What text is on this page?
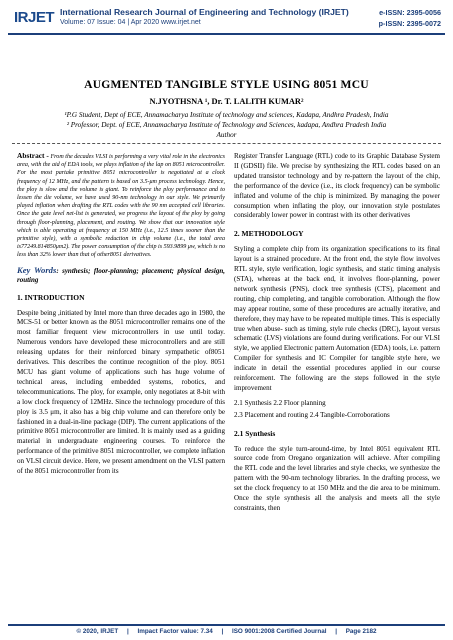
IRJET International Research Journal of Engineering and Technology (IRJET)
Volume: 07 Issue: 04 | Apr 2020 www.irjet.net
e-ISSN: 2395-0056
p-ISSN: 2395-0072
AUGMENTED TANGIBLE STYLE USING 8051 MCU
N.JYOTHSNA ¹, Dr. T. LALITH KUMAR²
¹P.G Student, Dept of ECE, Annamacharya Institute of technology and sciences, Kadapa, Andhra Pradesh, India
² Professor, Dept. of ECE, Annamacharya Institute of Technology and Sciences, kadapa, Andhra Pradesh India
Author
Abstract - From the decades VLSI is performing a very vital role in the electronics area, with the aid of EDA tools, we plays inflation of the lap on 8051 microcontroller. For the most partake primitive 8051 microcontroller is negotiated at a clock frequency of 12 MHz, and the pattern is based on 3.5-μm process technology. Hence, the ploy is slow and the volume is giant. To reinforce the ploy performance and to lessen the die volume, we have used 90-nm technology in our style. We primarily played inflation when drafting the RTL codes with the 90 nm accepted cell libraries. Once the gate level net-list is generated, we progress the layout of the ploy by going through floor-planning, placement, and routing. We show that our innovation style which is able operating at frequency at 150 MHz (i.e., 12.5 times sooner than the primitive style), with a symbolic reduction in chip volume (i.e., the total area is77249.814850μm2). The power consumption of the chip is 593.9899 μw, which is no less than 32% lower than that of other8051 derivatives.
Key Words: synthesis; floor-planning; placement; physical design, routing
1. INTRODUCTION
Despite being ,initiated by Intel more than three decades ago in 1980, the MCS-51 or better known as the 8051 microcontroller remains one of the most familiar frequent view microcontrollers in use until today. Numerous vendors have developed these microcontrollers and are still releasing updates for their reinforced binary sympathetic of8051 derivatives. This describes the continue recognition of the ploy. 8051 MCU has giant volume of applications such has huge volume of technical areas, including embedded systems, robotics, and telecommunications. The ploy, for example, only negotiates at 8-bit with a low clock frequency of 12MHz. Since the technology procedure of this ploy is 3.5 μm, it also has a big chip volume and can therefore only be fashioned in a dual-in-line package (DIP). The current applications of the primitive 8051 microcontroller are limited. It is mainly used as a guiding material in undergraduate engineering courses. To reinforce the performance of the primitive 8051 microcontroller, we complete inflation on VLSI circuit device. Here, we present amendment on the VLSI pattern of the 8051 microcontroller from its
Register Transfer Language (RTL) code to its Graphic Database System II (GDSII) file. We precise by synthesizing the RTL codes based on an updated transistor technology and by re-pattern the layout of the chip, the performance of the device (i.e., its clock frequency) can be symbolic inflated and volume of the chip is minimized. By managing the power consumption when inflating the ploy, our innovation style postulates considerably lower power in contrast with its other derivatives
2. METHODOLOGY
Styling a complete chip from its organization specifications to its final layout is a strained procedure. At the front end, the style flow involves RTL style, style verification, logic synthesis, and static timing analysis (STA), whereas at the back end, it involves floor-planning, power network synthesis (PNS), clock tree synthesis (CTS), placement and routing, chip completing, and tangible corroboration. Although the flow may appear routine, some of these procedures are actually iterative, and therefore, they may have to be repeated multiple times. This is especially true when abuse- such as timing, style rule checks (DRC), layout versus schematic (LVS) violations are found during verifications. For our VLSI style, we applied Electronic pattern Automation (EDA) tools, i.e. pattern Compiler for synthesis and IC Compiler for tangible style here, we indicate in detail the essential procedures applied in our course reinforcement. The following are the steps followed in the style improvement
2.1 Synthesis 2.2 Floor planning
2.3 Placement and routing 2.4 Tangible-Corroborations
2.1 Synthesis
To reduce the style turn-around-time, by Intel 8051 equivalent RTL source code from Oregano organization will achieve. After compiling the RTL code and the level libraries and style checks, we synthesize the pattern with the 90-nm technology libraries. In the drafting process, we set the clock frequency to at 150 MHz and the die area to be minimum. Once the style synthesis all the analysis and meets all the style constraints, then
© 2020, IRJET     |     Impact Factor value: 7.34     |     ISO 9001:2008 Certified Journal     |     Page 2182
